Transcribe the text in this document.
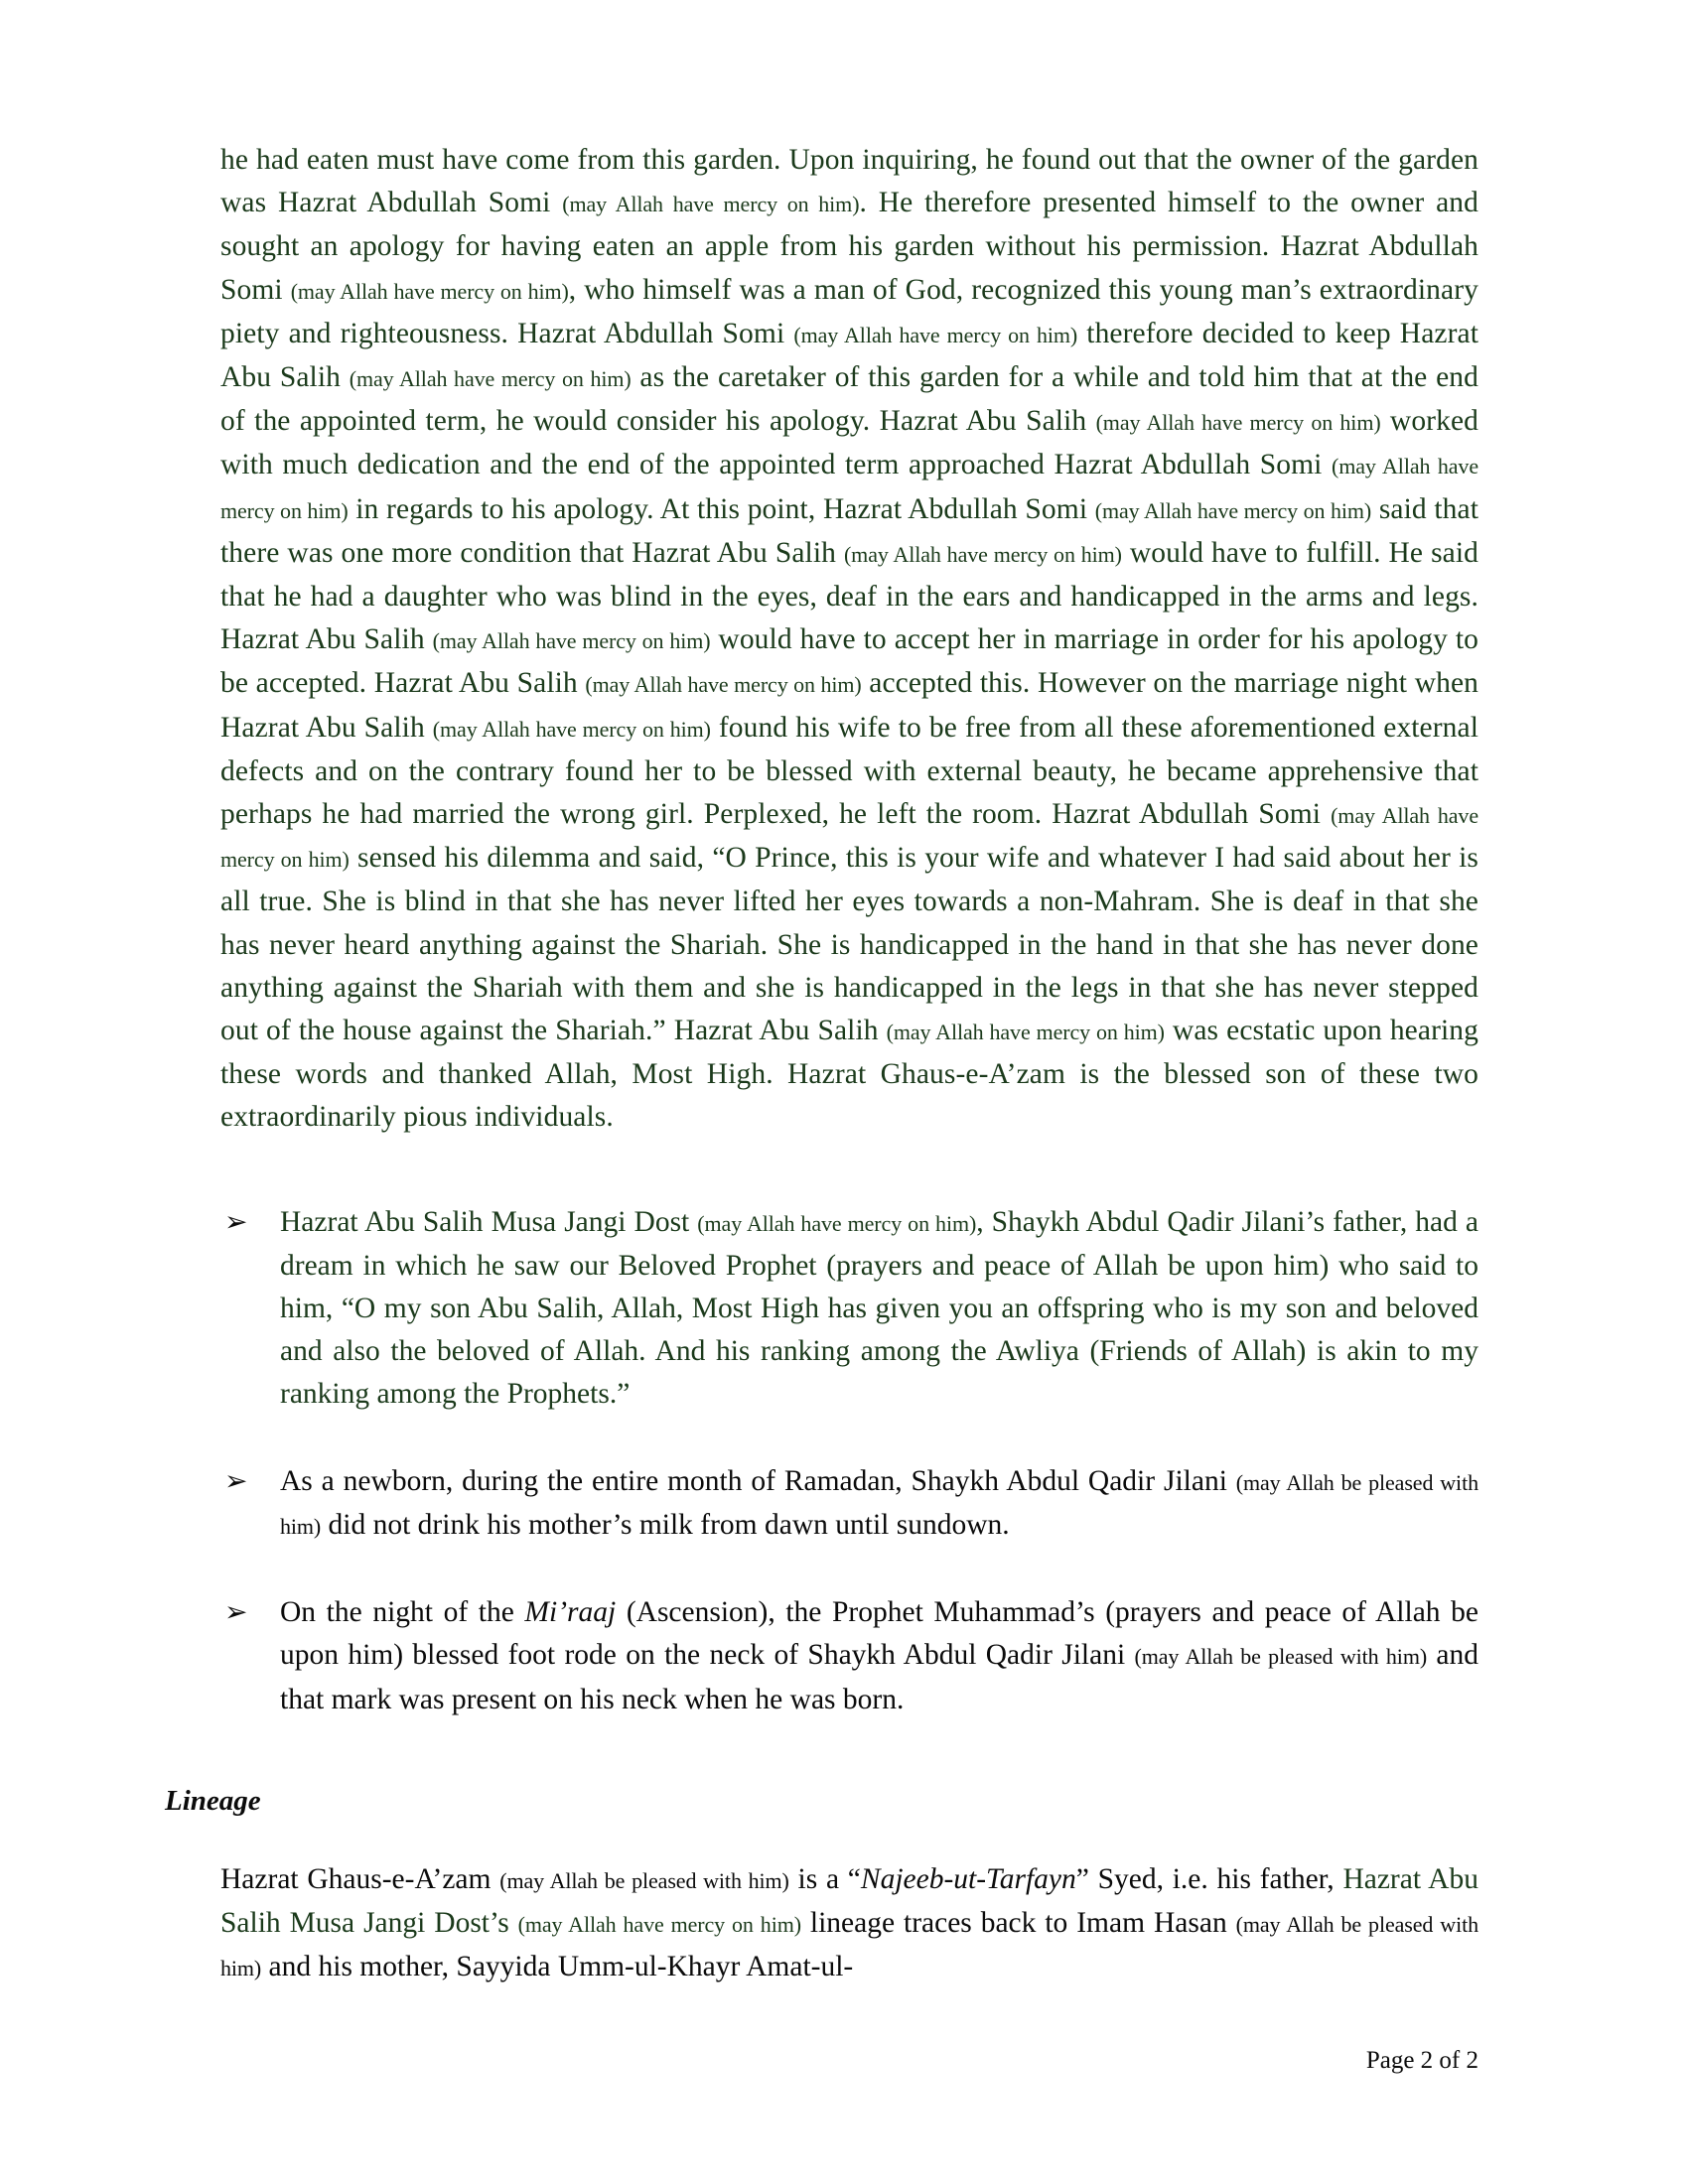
he had eaten must have come from this garden. Upon inquiring, he found out that the owner of the garden was Hazrat Abdullah Somi (may Allah have mercy on him). He therefore presented himself to the owner and sought an apology for having eaten an apple from his garden without his permission. Hazrat Abdullah Somi (may Allah have mercy on him), who himself was a man of God, recognized this young man’s extraordinary piety and righteousness. Hazrat Abdullah Somi (may Allah have mercy on him) therefore decided to keep Hazrat Abu Salih (may Allah have mercy on him) as the caretaker of this garden for a while and told him that at the end of the appointed term, he would consider his apology. Hazrat Abu Salih (may Allah have mercy on him) worked with much dedication and the end of the appointed term approached Hazrat Abdullah Somi (may Allah have mercy on him) in regards to his apology. At this point, Hazrat Abdullah Somi (may Allah have mercy on him) said that there was one more condition that Hazrat Abu Salih (may Allah have mercy on him) would have to fulfill. He said that he had a daughter who was blind in the eyes, deaf in the ears and handicapped in the arms and legs. Hazrat Abu Salih (may Allah have mercy on him) would have to accept her in marriage in order for his apology to be accepted. Hazrat Abu Salih (may Allah have mercy on him) accepted this. However on the marriage night when Hazrat Abu Salih (may Allah have mercy on him) found his wife to be free from all these aforementioned external defects and on the contrary found her to be blessed with external beauty, he became apprehensive that perhaps he had married the wrong girl. Perplexed, he left the room. Hazrat Abdullah Somi (may Allah have mercy on him) sensed his dilemma and said, “O Prince, this is your wife and whatever I had said about her is all true. She is blind in that she has never lifted her eyes towards a non-Mahram. She is deaf in that she has never heard anything against the Shariah. She is handicapped in the hand in that she has never done anything against the Shariah with them and she is handicapped in the legs in that she has never stepped out of the house against the Shariah.” Hazrat Abu Salih (may Allah have mercy on him) was ecstatic upon hearing these words and thanked Allah, Most High. Hazrat Ghaus-e-A’zam is the blessed son of these two extraordinarily pious individuals.

➢ Hazrat Abu Salih Musa Jangi Dost (may Allah have mercy on him), Shaykh Abdul Qadir Jilani’s father, had a dream in which he saw our Beloved Prophet (prayers and peace of Allah be upon him) who said to him, “O my son Abu Salih, Allah, Most High has given you an offspring who is my son and beloved and also the beloved of Allah. And his ranking among the Awliya (Friends of Allah) is akin to my ranking among the Prophets.”
➢ As a newborn, during the entire month of Ramadan, Shaykh Abdul Qadir Jilani (may Allah be pleased with him) did not drink his mother’s milk from dawn until sundown.
➢ On the night of the Mi’raaj (Ascension), the Prophet Muhammad’s (prayers and peace of Allah be upon him) blessed foot rode on the neck of Shaykh Abdul Qadir Jilani (may Allah be pleased with him) and that mark was present on his neck when he was born.
Lineage

Hazrat Ghaus-e-A’zam (may Allah be pleased with him) is a “Najeeb-ut-Tarfayn” Syed, i.e. his father, Hazrat Abu Salih Musa Jangi Dost’s (may Allah have mercy on him) lineage traces back to Imam Hasan (may Allah be pleased with him) and his mother, Sayyida Umm-ul-Khayr Amat-ul-

Page 2 of 2
